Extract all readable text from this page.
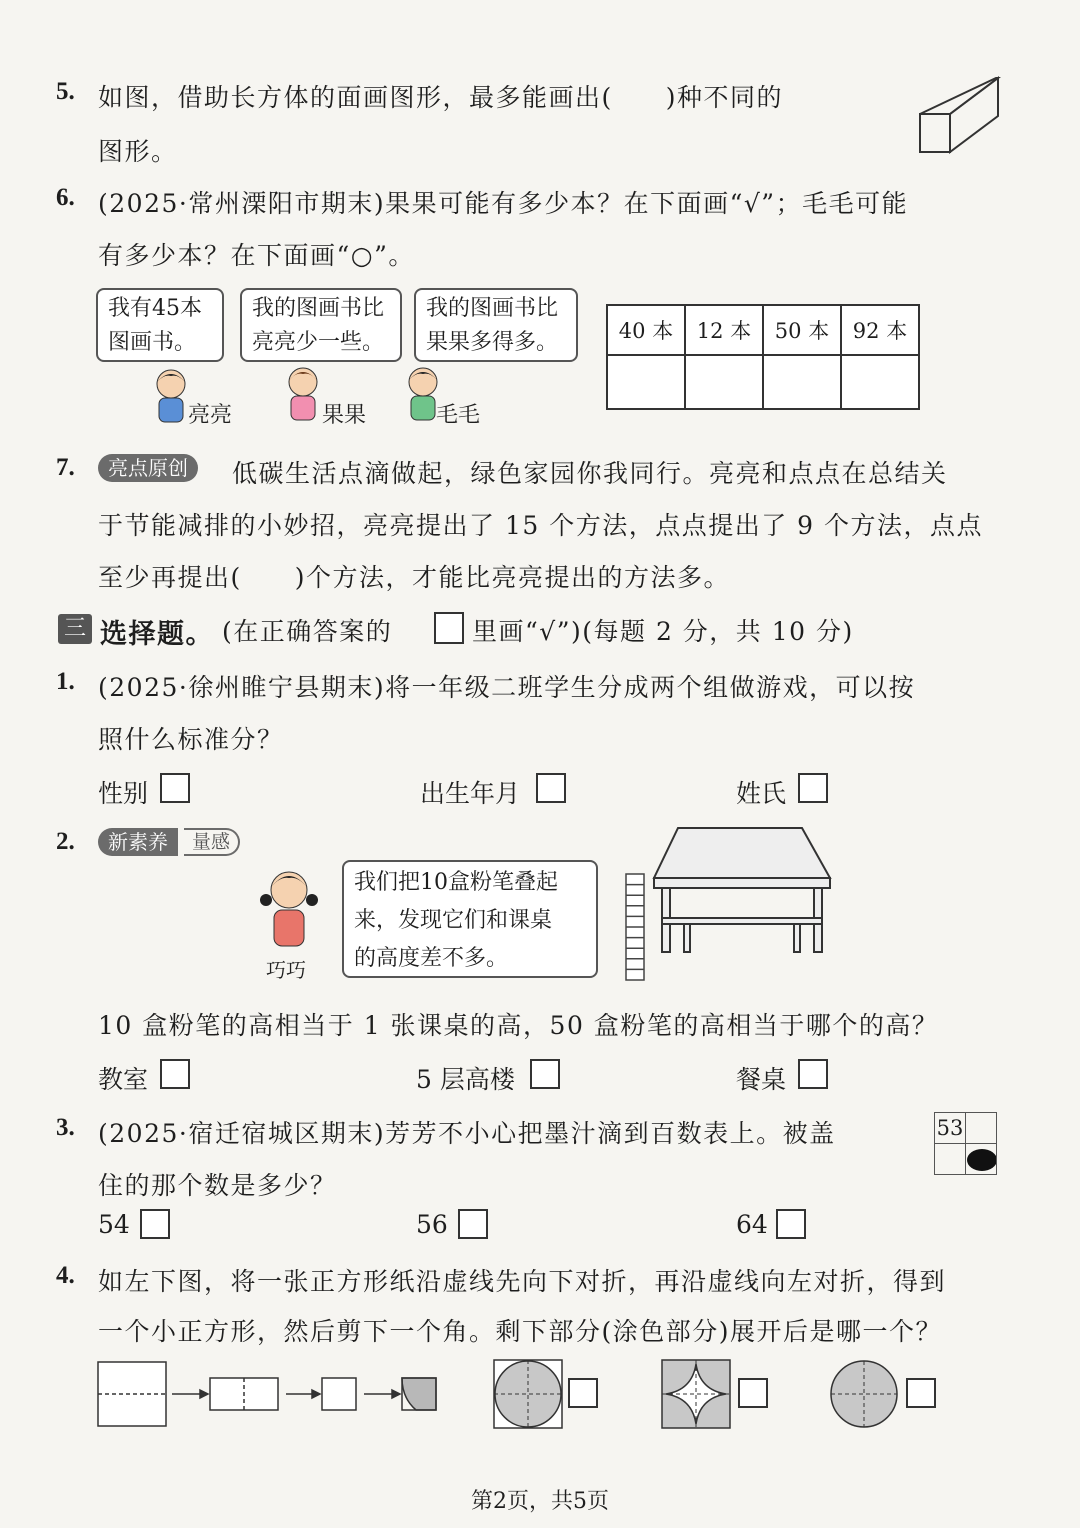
5. 如图，借助长方体的面画图形，最多能画出(　　)种不同的
图形。
6. (2025·常州溧阳市期末)果果可能有多少本？在下面画“√”；毛毛可能
有多少本？在下面画“○”。
我有45本
图画书。
我的图画书比
亮亮少一些。
我的图画书比
果果多得多。
亮亮	果果	毛毛
40 本	12 本	50 本	92 本

7.	亮点原创	低碳生活点滴做起，绿色家园你我同行。亮亮和点点在总结关
于节能减排的小妙招，亮亮提出了 15 个方法，点点提出了 9 个方法，点点
至少再提出(　　)个方法，才能比亮亮提出的方法多。
三 选择题。 (在正确答案的	里画“√”)(每题 2 分，共 10 分)
1. (2025·徐州睢宁县期末)将一年级二班学生分成两个组做游戏，可以按
照什么标准分？
性别	出生年月	姓氏
2.	新素养	量感
巧巧
我们把10盒粉笔叠起
来，发现它们和课桌
的高度差不多。
10 盒粉笔的高相当于 1 张课桌的高，50 盒粉笔的高相当于哪个的高？
教室	5 层高楼	餐桌
3. (2025·宿迁宿城区期末)芳芳不小心把墨汁滴到百数表上。被盖
住的那个数是多少？
53	

54	56	64
4. 如左下图，将一张正方形纸沿虚线先向下对折，再沿虚线向左对折，得到
一个小正方形，然后剪下一个角。剩下部分(涂色部分)展开后是哪一个？
第2页，共5页
